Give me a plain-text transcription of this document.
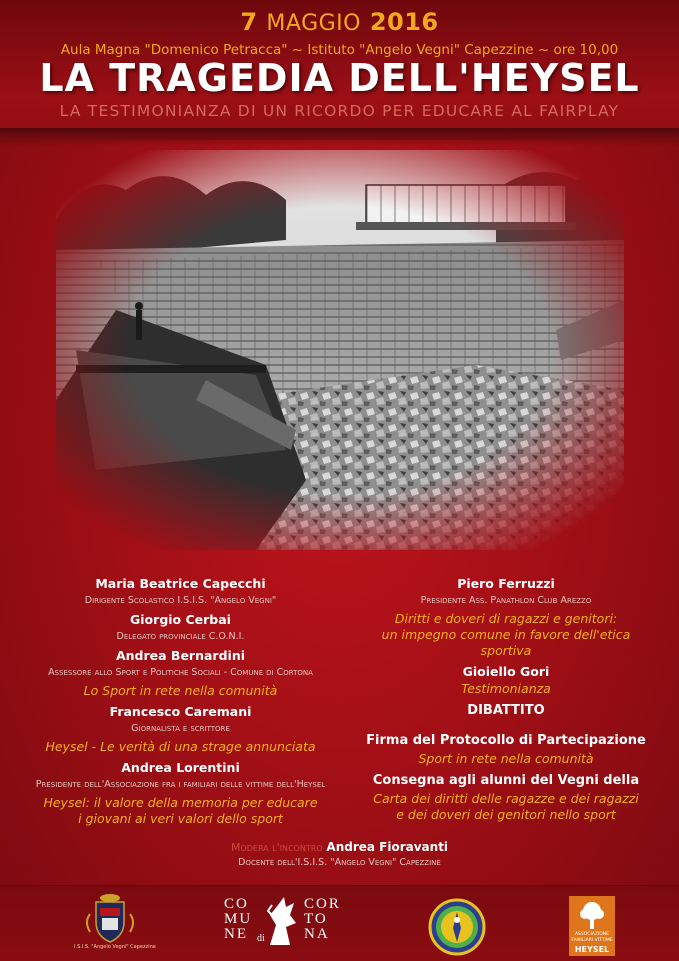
7 MAGGIO 2016
Aula Magna "Domenico Petracca" ~ Istituto "Angelo Vegni" Capezzine ~ ore 10,00
LA TRAGEDIA DELL'HEYSEL
LA TESTIMONIANZA DI UN RICORDO PER EDUCARE AL FAIRPLAY
Maria Beatrice Capecchi
Dirigente Scolastico I.S.I.S. "Angelo Vegni"
Giorgio Cerbai
Delegato provinciale C.O.N.I.
Andrea Bernardini
Assessore allo Sport e Politiche Sociali - Comune di Cortona
Lo Sport in rete nella comunità
Francesco Caremani
Giornalista e scrittore
Heysel - Le verità di una strage annunciata
Andrea Lorentini
Presidente dell'Associazione fra i familiari delle vittime dell'Heysel
Heysel: il valore della memoria per educare
i giovani ai veri valori dello sport
Piero Ferruzzi
Presidente Ass. Panathlon Club Arezzo
Diritti e doveri di ragazzi e genitori:
un impegno comune in favore dell'etica
sportiva
Gioiello Gori
Testimonianza
DIBATTITO
Firma del Protocollo di Partecipazione
Sport in rete nella comunità
Consegna agli alunni del Vegni della
Carta dei diritti delle ragazze e dei ragazzi
e dei doveri dei genitori nello sport
Modera l'incontro Andrea Fioravanti
Docente dell'I.S.I.S. "Angelo Vegni" Capezzine
I.S.I.S. "Angelo Vegni" Capezzine
CO
MU
NE di
COR
TO
NA	ASSOCIAZIONE
FAMILIARI VITTIME
HEYSEL
